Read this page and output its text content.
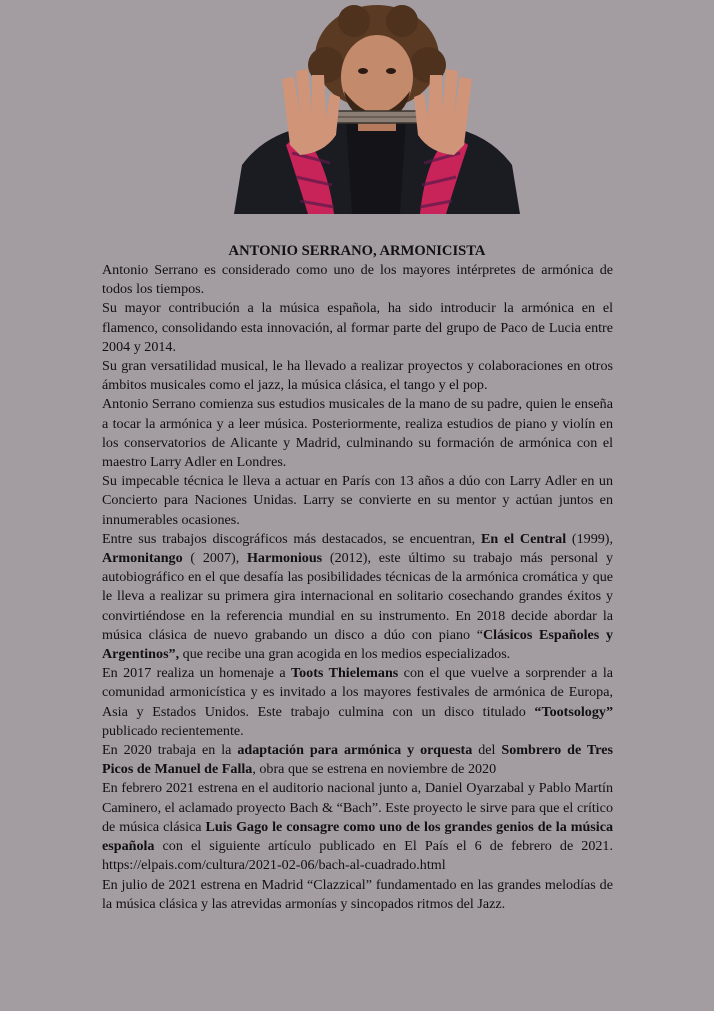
ANTONIO SERRANO, ARMONICISTA

Antonio Serrano es considerado como uno de los mayores intérpretes de armónica de todos los tiempos.

Su mayor contribución a la música española, ha sido introducir la armónica en el flamenco, consolidando esta innovación, al formar parte del grupo de Paco de Lucia entre 2004 y 2014.

Su gran versatilidad musical, le ha llevado a realizar proyectos y colaboraciones en otros ámbitos musicales como el jazz, la música clásica, el tango y el pop.

Antonio Serrano comienza sus estudios musicales de la mano de su padre, quien le enseña a tocar la armónica y a leer música. Posteriormente, realiza estudios de piano y violín en los conservatorios de Alicante y Madrid, culminando su formación de armónica con el maestro Larry Adler en Londres.

Su impecable técnica le lleva a actuar en París con 13 años a dúo con Larry Adler en un Concierto para Naciones Unidas. Larry se convierte en su mentor y actúan juntos en innumerables ocasiones.

Entre sus trabajos discográficos más destacados, se encuentran, En el Central (1999), Armonitango ( 2007), Harmonious (2012), este último su trabajo más personal y autobiográfico en el que desafía las posibilidades técnicas de la armónica cromática y que le lleva a realizar su primera gira internacional en solitario cosechando grandes éxitos y convirtiéndose en la referencia mundial en su instrumento. En 2018 decide abordar la música clásica de nuevo grabando un disco a dúo con piano “Clásicos Españoles y Argentinos”, que recibe una gran acogida en los medios especializados.

En 2017 realiza un homenaje a Toots Thielemans con el que vuelve a sorprender a la comunidad armonicística y es invitado a los mayores festivales de armónica de Europa, Asia y Estados Unidos. Este trabajo culmina con un disco titulado “Tootsology” publicado recientemente.

En 2020 trabaja en la adaptación para armónica y orquesta del Sombrero de Tres Picos de Manuel de Falla, obra que se estrena en noviembre de 2020

En febrero 2021 estrena en el auditorio nacional junto a, Daniel Oyarzabal y Pablo Martín Caminero, el aclamado proyecto Bach & “Bach”. Este proyecto le sirve para que el crítico de música clásica Luis Gago le consagre como uno de los grandes genios de la música española con el siguiente artículo publicado en El País el 6 de febrero de 2021. https://elpais.com/cultura/2021-02-06/bach-al-cuadrado.html

En julio de 2021 estrena en Madrid “Clazzical” fundamentado en las grandes melodías de la música clásica y las atrevidas armonías y sincopados ritmos del Jazz.
